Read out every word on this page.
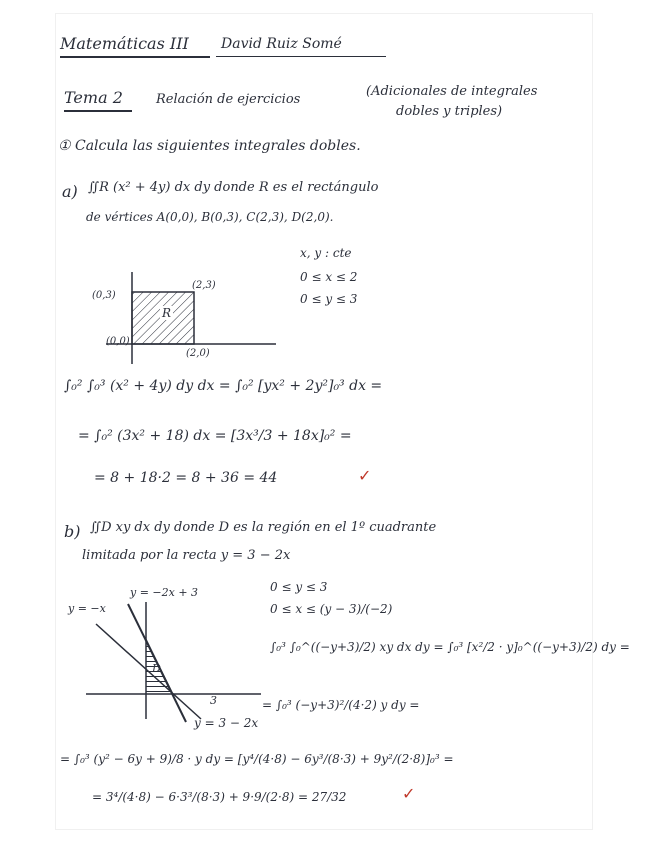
Matemáticas III David Ruiz Somé
Tema 2	Relación de ejercicios
(Adicionales de integrales
dobles y triples)
① Calcula las siguientes integrales dobles.
a) ∬R (x² + 4y) dx dy donde R es el rectángulo
de vértices A(0,0), B(0,3), C(2,3), D(2,0).
x, y : cte
0 ≤ x ≤ 2
0 ≤ y ≤ 3
(0,3)
(2,3)
(0,0)
(2,0)
R
∫₀² ∫₀³ (x² + 4y) dy dx = ∫₀² [yx² + 2y²]₀³ dx =
= ∫₀² (3x² + 18) dx = [3x³/3 + 18x]₀² =
= 8 + 18·2 = 8 + 36 = 44	✓
b) ∬D xy dx dy donde D es la región en el 1º cuadrante
limitada por la recta y = 3 − 2x
y = −x
y = −2x + 3
y = 3 − 2x
D
3
0 ≤ y ≤ 3
0 ≤ x ≤ (y − 3)/(−2)
∫₀³ ∫₀^((−y+3)/2) xy dx dy = ∫₀³ [x²/2 · y]₀^((−y+3)/2) dy =
= ∫₀³ (−y+3)²/(4·2) y dy =
= ∫₀³ (y² − 6y + 9)/8 · y dy = [y⁴/(4·8) − 6y³/(8·3) + 9y²/(2·8)]₀³ =
= 3⁴/(4·8) − 6·3³/(8·3) + 9·9/(2·8) = 27/32	✓
